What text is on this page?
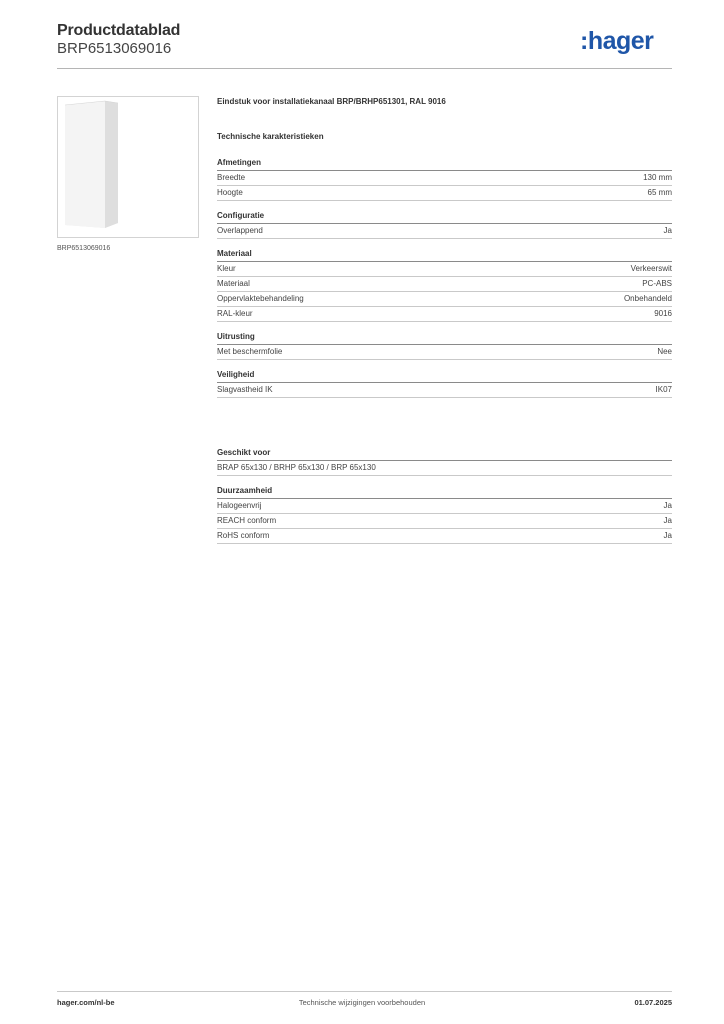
Productdatablad
BRP6513069016	:hager
BRP6513069016
Eindstuk voor installatiekanaal BRP/BRHP651301, RAL 9016
Technische karakteristieken
Afmetingen
Breedte	130 mm
Hoogte	65 mm
Configuratie
Overlappend	Ja
Materiaal
Kleur	Verkeerswit
Materiaal	PC-ABS
Oppervlaktebehandeling	Onbehandeld
RAL-kleur	9016
Uitrusting
Met beschermfolie	Nee
Veiligheid
Slagvastheid IK	IK07
Geschikt voor
BRAP 65x130 / BRHP 65x130 / BRP 65x130
Duurzaamheid
Halogeenvrij	Ja
REACH conform	Ja
RoHS conform	Ja
hager.com/nl-be	Technische wijzigingen voorbehouden	01.07.2025
